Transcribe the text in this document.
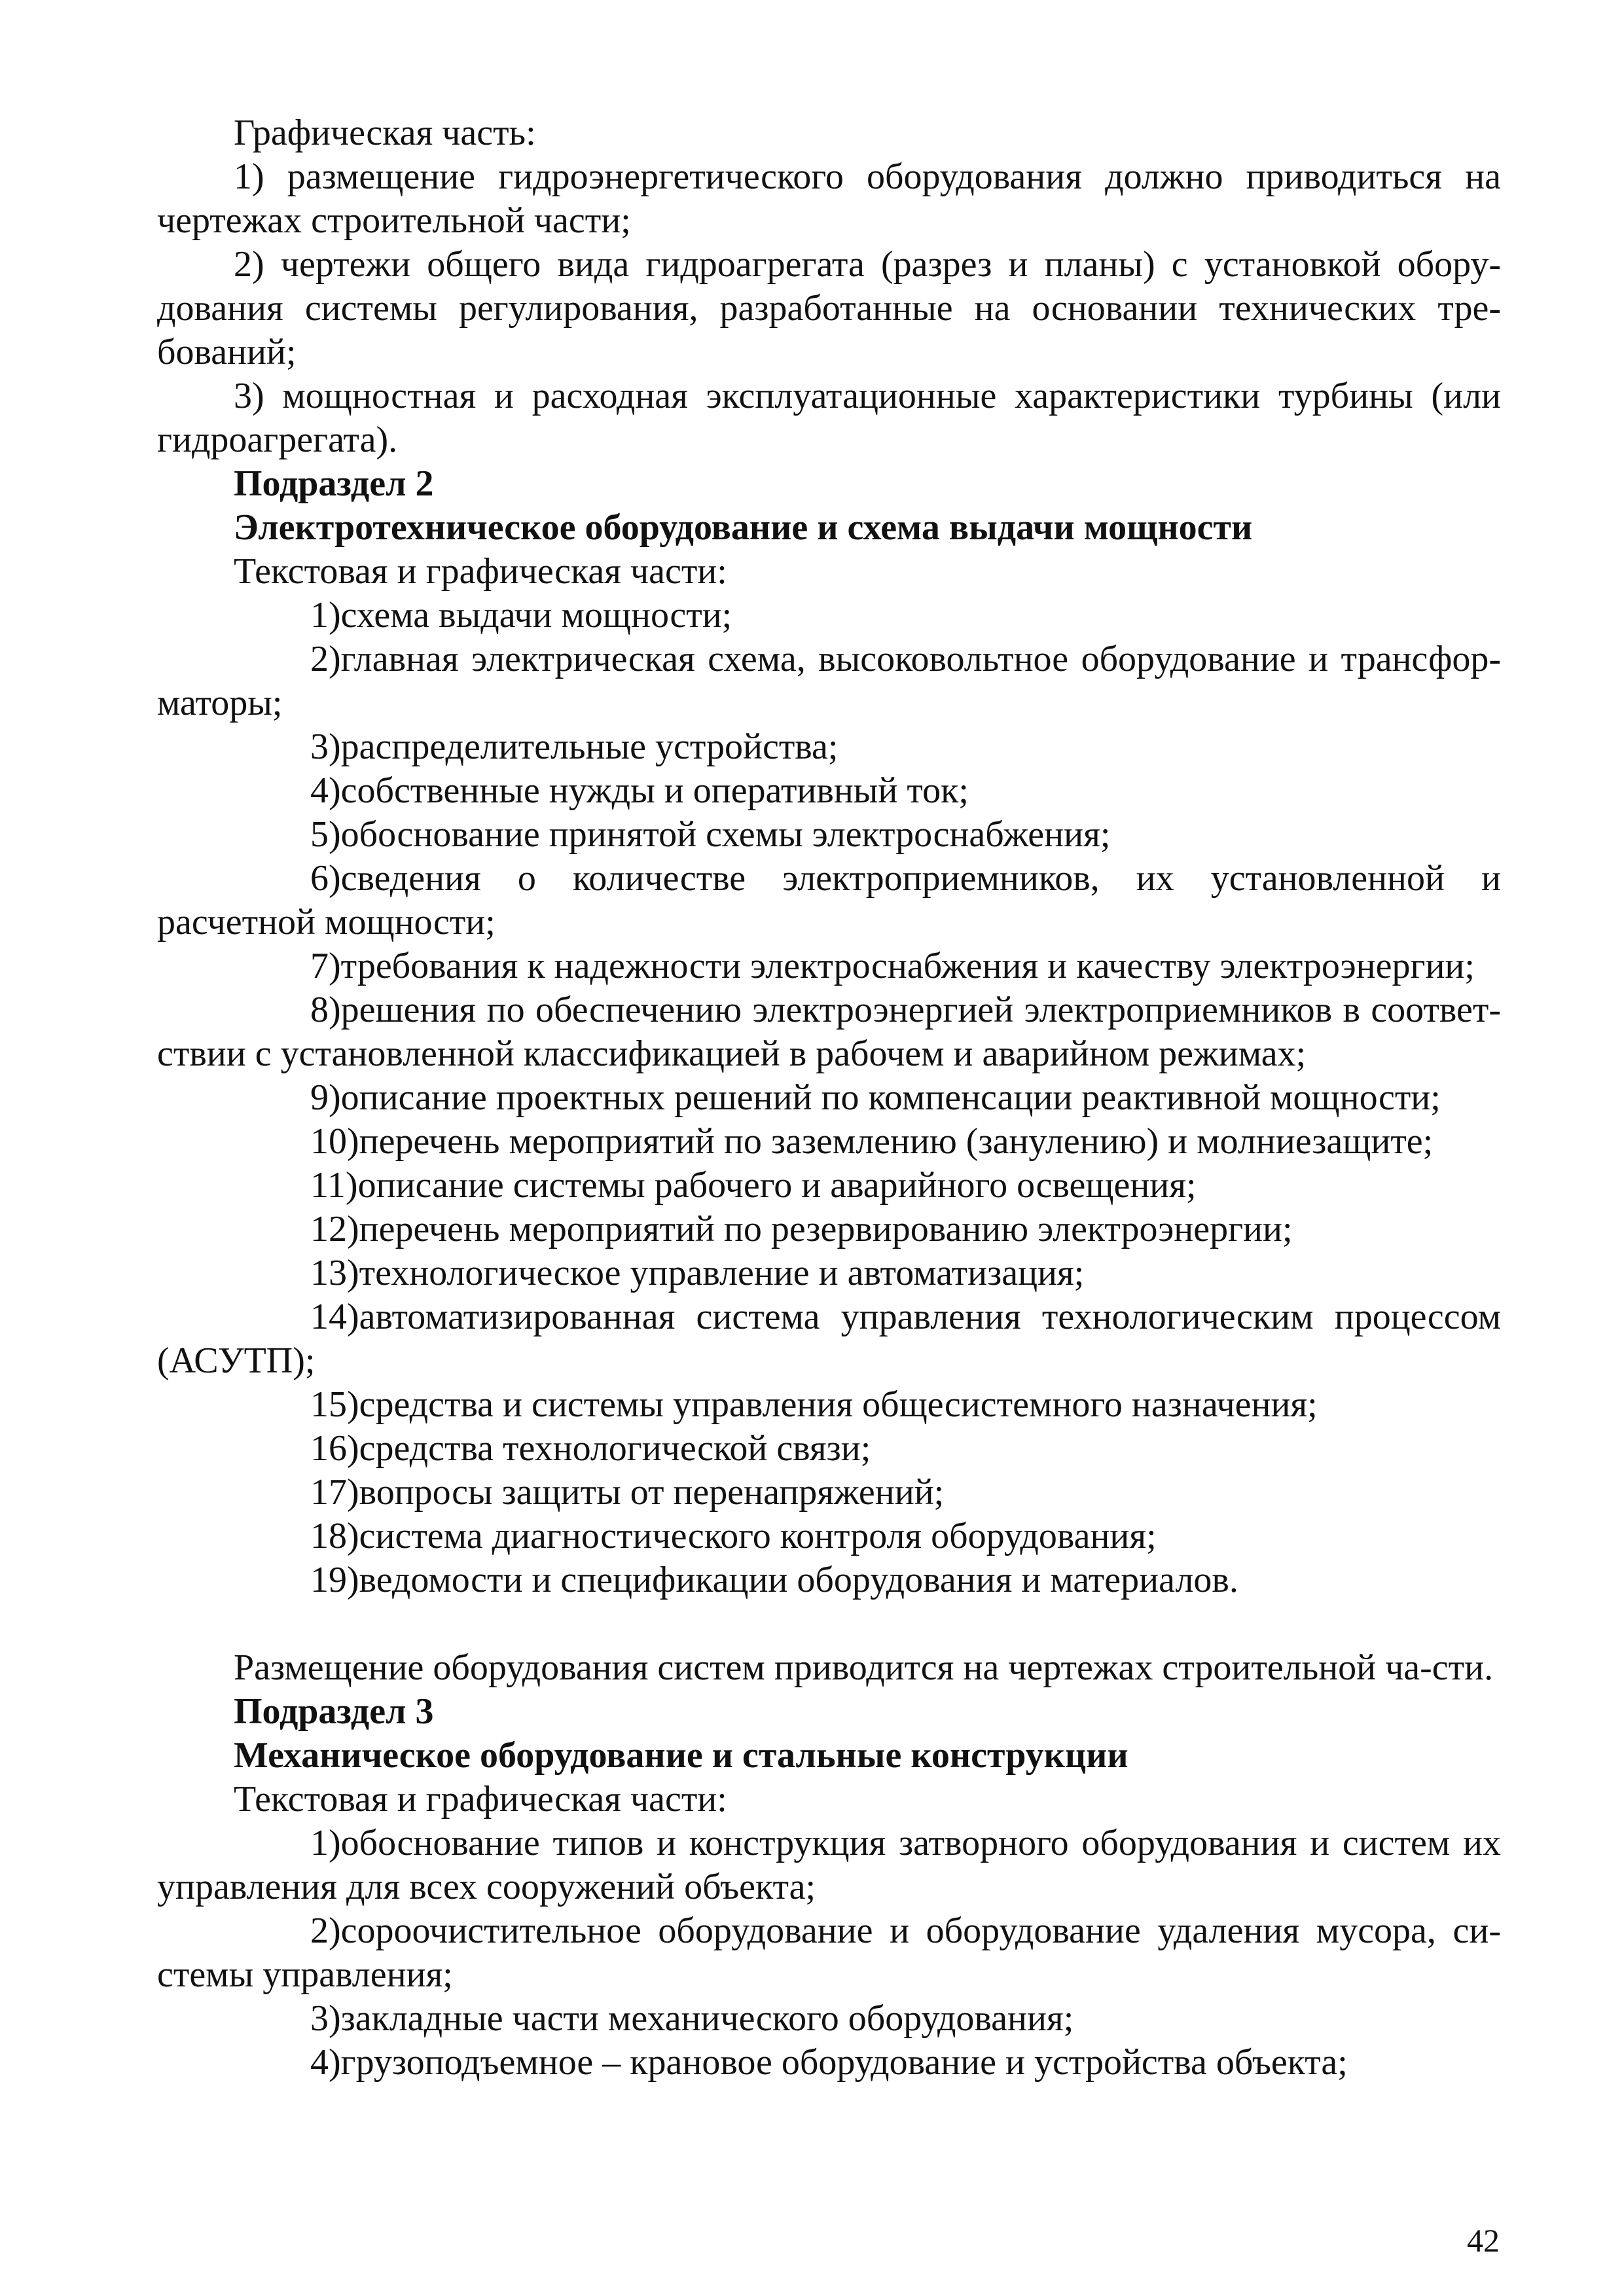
Графическая часть:

1) размещение гидроэнергетического оборудования должно приводиться на чертежах строительной части;

2) чертежи общего вида гидроагрегата (разрез и планы) с установкой обору-дования системы регулирования, разработанные на основании технических тре-бований;

3) мощностная и расходная эксплуатационные характеристики турбины (или гидроагрегата).

Подраздел 2

Электротехническое оборудование и схема выдачи мощности

Текстовая и графическая части:

1)схема выдачи мощности;

2)главная электрическая схема, высоковольтное оборудование и трансфор-маторы;

3)распределительные устройства;

4)собственные нужды и оперативный ток;

5)обоснование принятой схемы электроснабжения;

6)сведения о количестве электроприемников, их установленной и расчетной мощности;

7)требования к надежности электроснабжения и качеству электроэнергии;

8)решения по обеспечению электроэнергией электроприемников в соответ-ствии с установленной классификацией в рабочем и аварийном режимах;

9)описание проектных решений по компенсации реактивной мощности;

10)перечень мероприятий по заземлению (занулению) и молниезащите;

11)описание системы рабочего и аварийного освещения;

12)перечень мероприятий по резервированию электроэнергии;

13)технологическое управление и автоматизация;

14)автоматизированная система управления технологическим процессом (АСУТП);

15)средства и системы управления общесистемного назначения;

16)средства технологической связи;

17)вопросы защиты от перенапряжений;

18)система диагностического контроля оборудования;

19)ведомости и спецификации оборудования и материалов.

Размещение оборудования систем приводится на чертежах строительной ча-сти.

Подраздел 3

Механическое оборудование и стальные конструкции

Текстовая и графическая части:

1)обоснование типов и конструкция затворного оборудования и систем их управления для всех сооружений объекта;

2)сороочистительное оборудование и оборудование удаления мусора, си-стемы управления;

3)закладные части механического оборудования;

4)грузоподъемное – крановое оборудование и устройства объекта;

42
